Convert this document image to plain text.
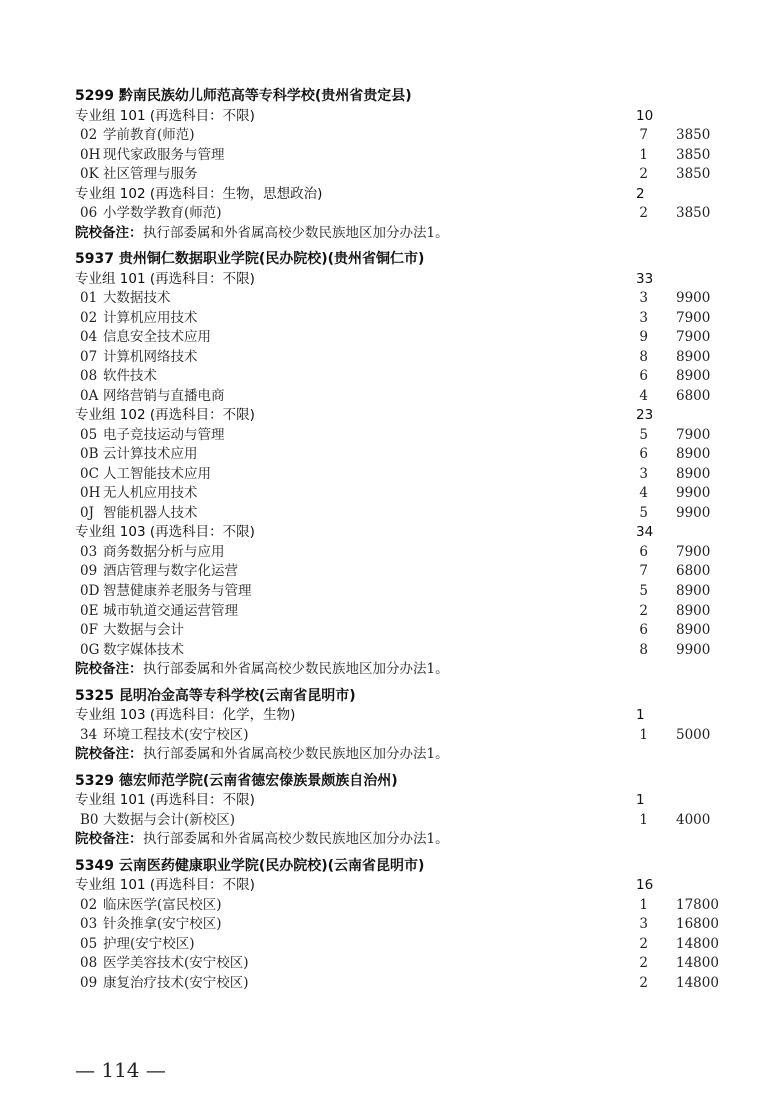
5299 黔南民族幼儿师范高等专科学校(贵州省贵定县)
专业组 101 (再选科目：不限)	10
02 学前教育(师范)	7 3850
0H 现代家政服务与管理	1 3850
0K 社区管理与服务	2 3850
专业组 102 (再选科目：生物，思想政治)	2
06 小学数学教育(师范)	2 3850
院校备注： 执行部委属和外省属高校少数民族地区加分办法1。
5937 贵州铜仁数据职业学院(民办院校)(贵州省铜仁市)
专业组 101 (再选科目：不限)	33
01 大数据技术	3 9900
02 计算机应用技术	3 7900
04 信息安全技术应用	9 7900
07 计算机网络技术	8 8900
08 软件技术	6 8900
0A 网络营销与直播电商	4 6800
专业组 102 (再选科目：不限)	23
05 电子竞技运动与管理	5 7900
0B 云计算技术应用	6 8900
0C 人工智能技术应用	3 8900
0H 无人机应用技术	4 9900
0J 智能机器人技术	5 9900
专业组 103 (再选科目：不限)	34
03 商务数据分析与应用	6 7900
09 酒店管理与数字化运营	7 6800
0D 智慧健康养老服务与管理	5 8900
0E 城市轨道交通运营管理	2 8900
0F 大数据与会计	6 8900
0G 数字媒体技术	8 9900
院校备注： 执行部委属和外省属高校少数民族地区加分办法1。
5325 昆明冶金高等专科学校(云南省昆明市)
专业组 103 (再选科目：化学，生物)	1
34 环境工程技术(安宁校区)	1 5000
院校备注： 执行部委属和外省属高校少数民族地区加分办法1。
5329 德宏师范学院(云南省德宏傣族景颇族自治州)
专业组 101 (再选科目：不限)	1
B0 大数据与会计(新校区)	1 4000
院校备注： 执行部委属和外省属高校少数民族地区加分办法1。
5349 云南医药健康职业学院(民办院校)(云南省昆明市)
专业组 101 (再选科目：不限)	16
02 临床医学(富民校区)	1 17800
03 针灸推拿(安宁校区)	3 16800
05 护理(安宁校区)	2 14800
08 医学美容技术(安宁校区)	2 14800
09 康复治疗技术(安宁校区)	2 14800
— 114 —
